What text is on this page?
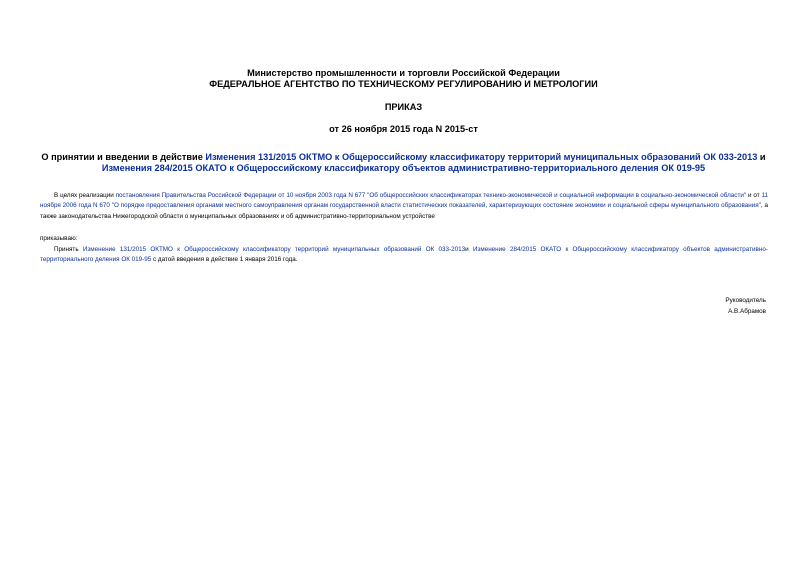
Министерство промышленности и торговли Российской Федерации
ФЕДЕРАЛЬНОЕ АГЕНТСТВО ПО ТЕХНИЧЕСКОМУ РЕГУЛИРОВАНИЮ И МЕТРОЛОГИИ
ПРИКАЗ
от 26 ноября 2015 года N 2015-ст
О принятии и введении в действие Изменения 131/2015 ОКТМО к Общероссийскому классификатору территорий муниципальных образований ОК 033-2013 и Изменения 284/2015 ОКАТО к Общероссийскому классификатору объектов административно-территориального деления ОК 019-95
В целях реализации постановления Правительства Российской Федерации от 10 ноября 2003 года N 677 "Об общероссийских классификаторах технико-экономической и социальной информации в социально-экономической области" и от 11 ноября 2006 года N 670 "О порядке предоставления органами местного самоуправления органам государственной власти статистических показателей, характеризующих состояние экономики и социальной сферы муниципального образования", а также законодательства Нижегородской области о муниципальных образованиях и об административно-территориальном устройстве
приказываю:
Принять Изменение 131/2015 ОКТМО к Общероссийскому классификатору территорий муниципальных образований ОК 033-2013и Изменение 284/2015 ОКАТО к Общероссийскому классификатору объектов административно-территориального деления ОК 019-95 с датой введения в действие 1 января 2016 года.
Руководитель
А.В.Абрамов
